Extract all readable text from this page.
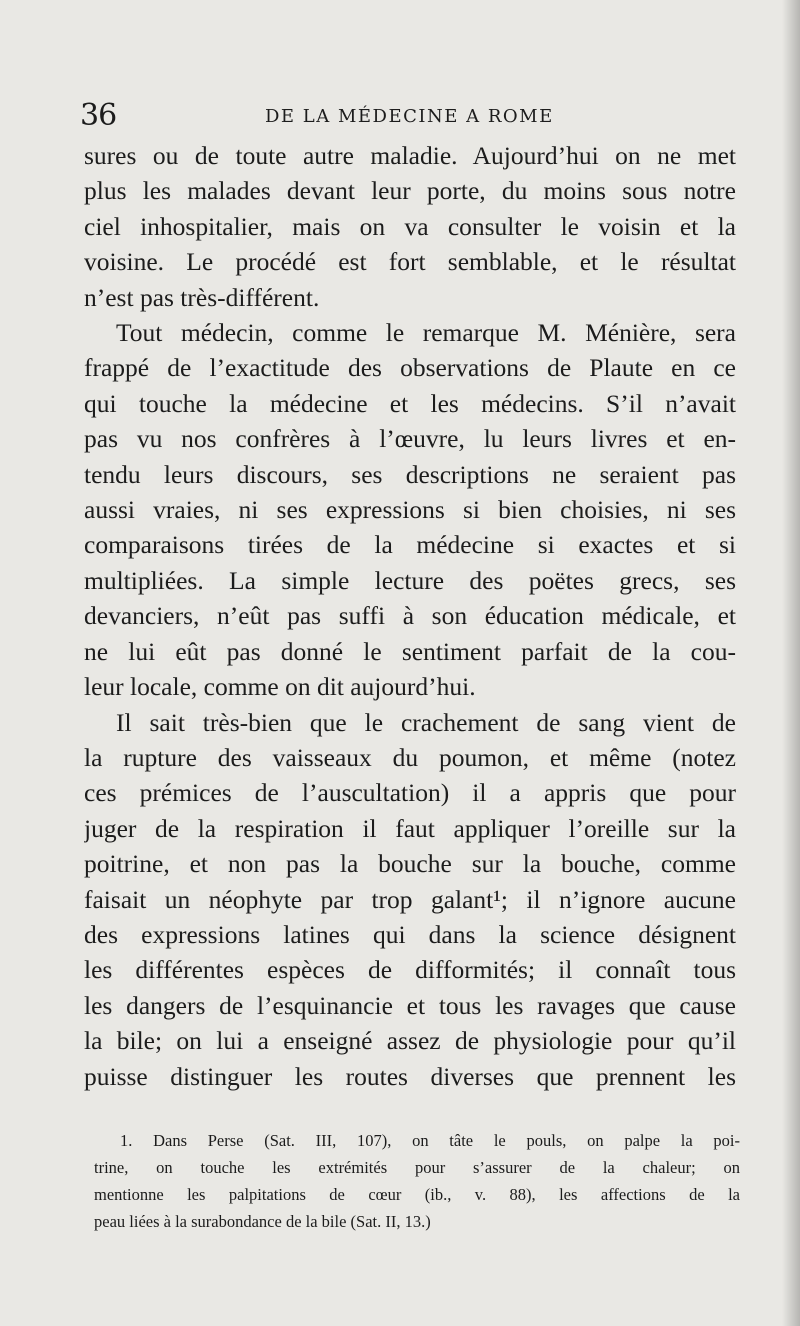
36	DE LA MÉDECINE A ROME
sures ou de toute autre maladie. Aujourd’hui on ne met
plus les malades devant leur porte, du moins sous notre
ciel inhospitalier, mais on va consulter le voisin et la
voisine. Le procédé est fort semblable, et le résultat
n’est pas très-différent.
Tout médecin, comme le remarque M. Ménière, sera
frappé de l’exactitude des observations de Plaute en ce
qui touche la médecine et les médecins. S’il n’avait
pas vu nos confrères à l’œuvre, lu leurs livres et en-
tendu leurs discours, ses descriptions ne seraient pas
aussi vraies, ni ses expressions si bien choisies, ni ses
comparaisons tirées de la médecine si exactes et si
multipliées. La simple lecture des poëtes grecs, ses
devanciers, n’eût pas suffi à son éducation médicale, et
ne lui eût pas donné le sentiment parfait de la cou-
leur locale, comme on dit aujourd’hui.
Il sait très-bien que le crachement de sang vient de
la rupture des vaisseaux du poumon, et même (notez
ces prémices de l’auscultation) il a appris que pour
juger de la respiration il faut appliquer l’oreille sur la
poitrine, et non pas la bouche sur la bouche, comme
faisait un néophyte par trop galant¹; il n’ignore aucune
des expressions latines qui dans la science désignent
les différentes espèces de difformités; il connaît tous
les dangers de l’esquinancie et tous les ravages que cause
la bile; on lui a enseigné assez de physiologie pour qu’il
puisse distinguer les routes diverses que prennent les
1. Dans Perse (Sat. III, 107), on tâte le pouls, on palpe la poi-
trine, on touche les extrémités pour s’assurer de la chaleur; on
mentionne les palpitations de cœur (ib., v. 88), les affections de la
peau liées à la surabondance de la bile (Sat. II, 13.)
